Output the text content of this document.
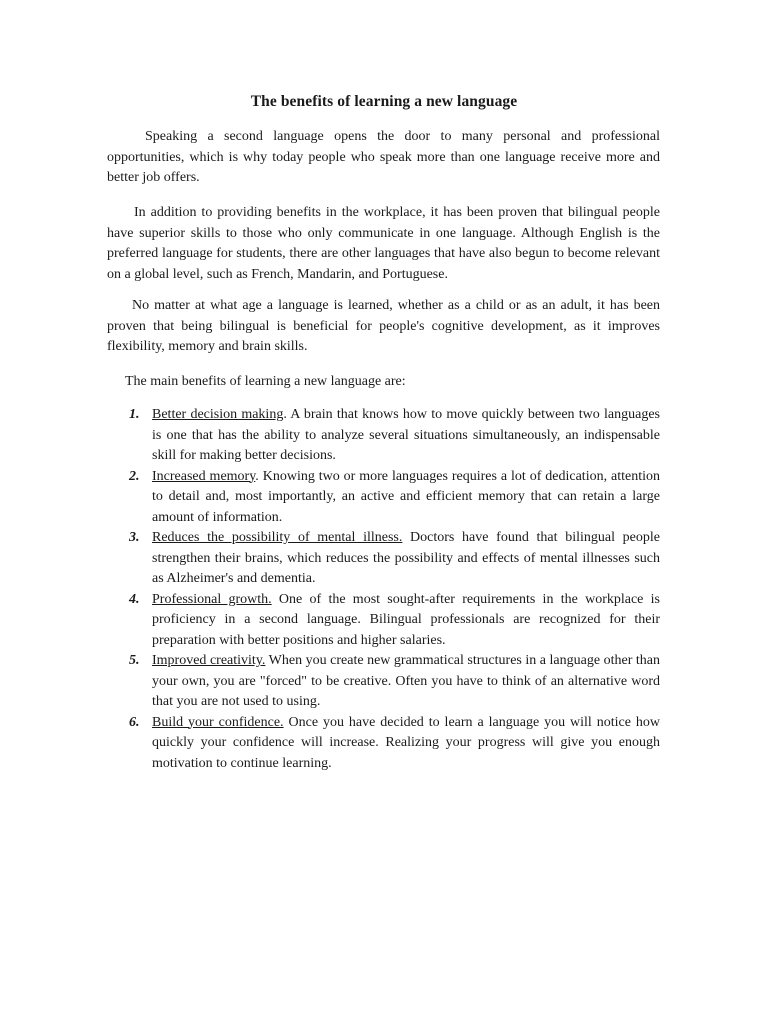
The benefits of learning a new language
Speaking a second language opens the door to many personal and professional opportunities, which is why today people who speak more than one language receive more and better job offers.
In addition to providing benefits in the workplace, it has been proven that bilingual people have superior skills to those who only communicate in one language. Although English is the preferred language for students, there are other languages that have also begun to become relevant on a global level, such as French, Mandarin, and Portuguese.
No matter at what age a language is learned, whether as a child or as an adult, it has been proven that being bilingual is beneficial for people's cognitive development, as it improves flexibility, memory and brain skills.
The main benefits of learning a new language are:
1. Better decision making. A brain that knows how to move quickly between two languages is one that has the ability to analyze several situations simultaneously, an indispensable skill for making better decisions.
2. Increased memory. Knowing two or more languages requires a lot of dedication, attention to detail and, most importantly, an active and efficient memory that can retain a large amount of information.
3. Reduces the possibility of mental illness. Doctors have found that bilingual people strengthen their brains, which reduces the possibility and effects of mental illnesses such as Alzheimer's and dementia.
4. Professional growth. One of the most sought-after requirements in the workplace is proficiency in a second language. Bilingual professionals are recognized for their preparation with better positions and higher salaries.
5. Improved creativity. When you create new grammatical structures in a language other than your own, you are "forced" to be creative. Often you have to think of an alternative word that you are not used to using.
6. Build your confidence. Once you have decided to learn a language you will notice how quickly your confidence will increase. Realizing your progress will give you enough motivation to continue learning.
